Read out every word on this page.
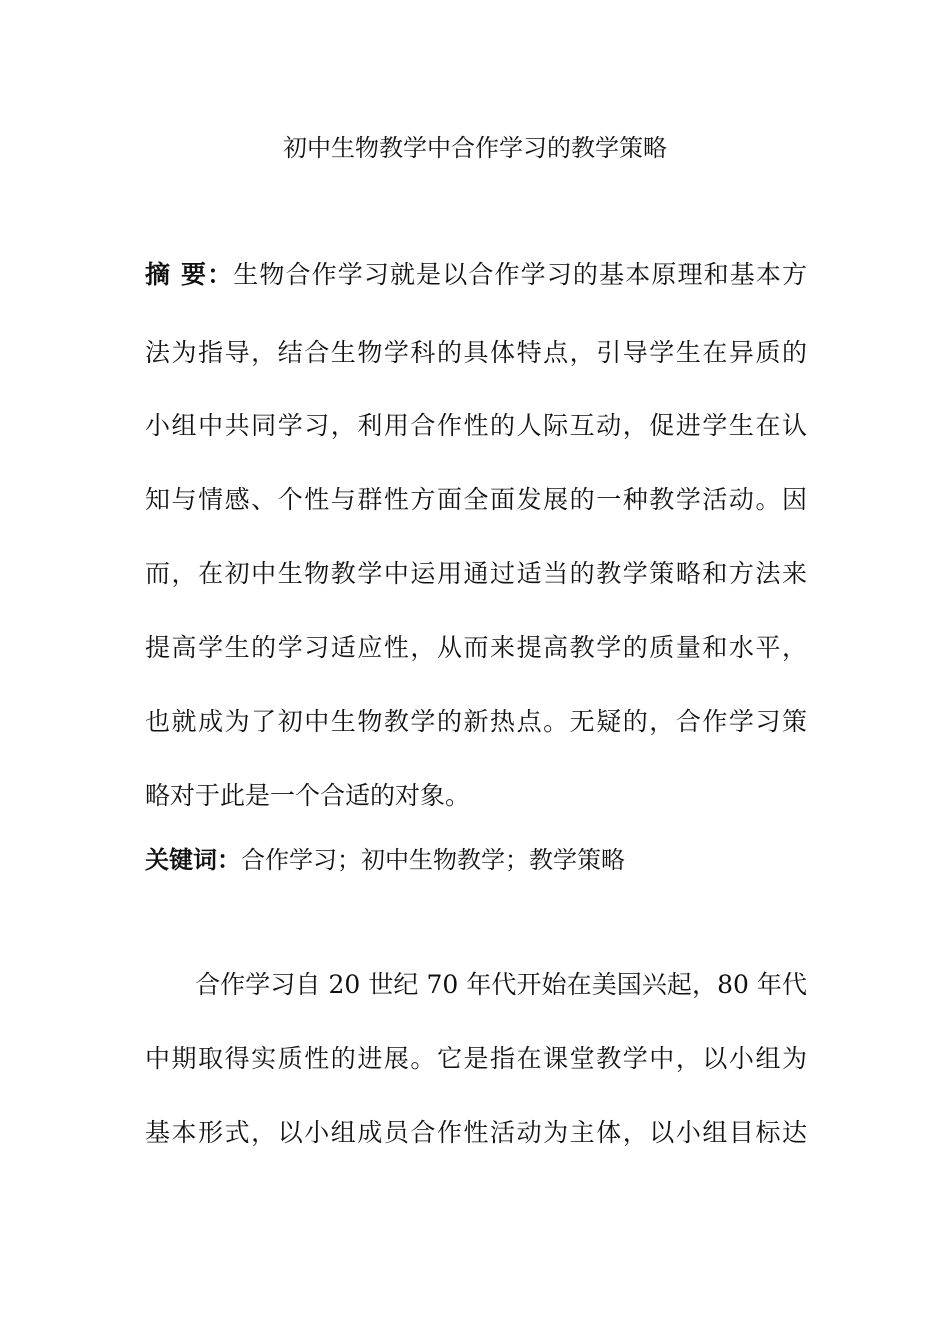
初中生物教学中合作学习的教学策略

摘 要：生物合作学习就是以合作学习的基本原理和基本方

法为指导，结合生物学科的具体特点，引导学生在异质的

小组中共同学习，利用合作性的人际互动，促进学生在认

知与情感、个性与群性方面全面发展的一种教学活动。因

而，在初中生物教学中运用通过适当的教学策略和方法来

提高学生的学习适应性，从而来提高教学的质量和水平，

也就成为了初中生物教学的新热点。无疑的，合作学习策

略对于此是一个合适的对象。

关键词：合作学习；初中生物教学；教学策略

合作学习自 20 世纪 70 年代开始在美国兴起，80 年代

中期取得实质性的进展。它是指在课堂教学中，以小组为

基本形式，以小组成员合作性活动为主体，以小组目标达
